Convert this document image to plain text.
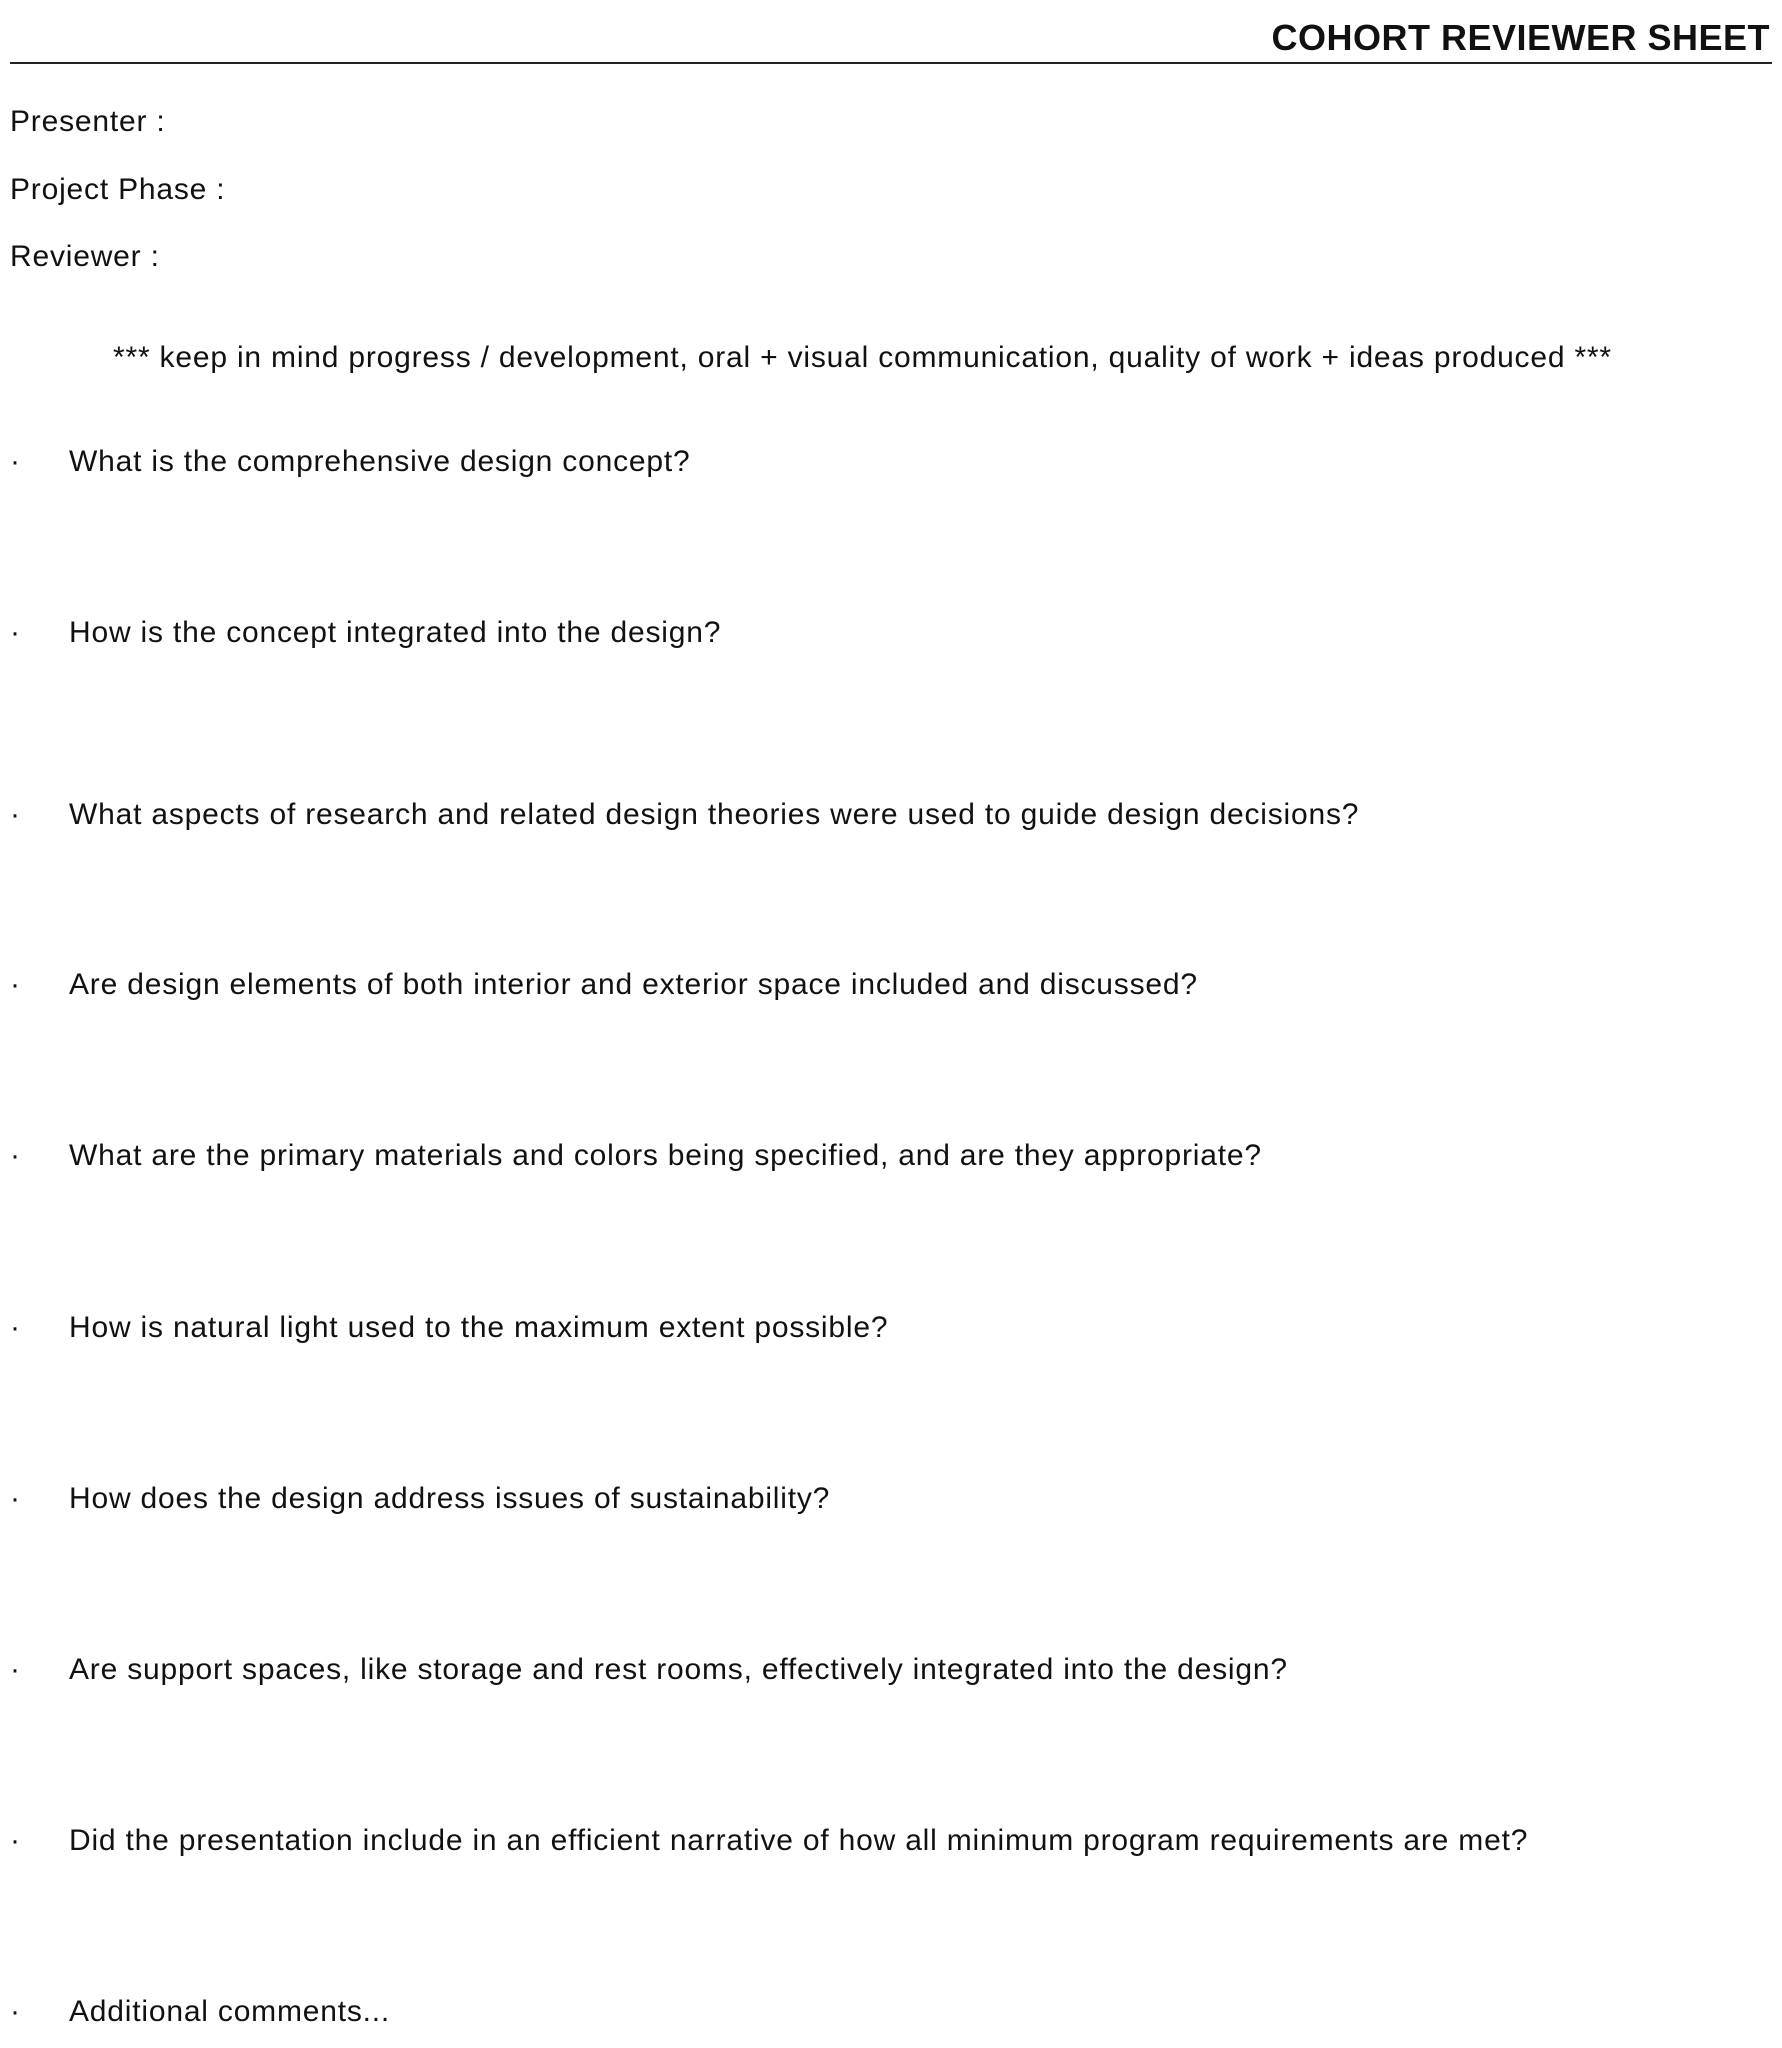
COHORT REVIEWER SHEET
Presenter :
Project Phase :
Reviewer :
*** keep in mind progress / development, oral + visual communication, quality of work + ideas produced ***
· What is the comprehensive design concept?
· How is the concept integrated into the design?
· What aspects of research and related design theories were used to guide design decisions?
· Are design elements of both interior and exterior space included and discussed?
· What are the primary materials and colors being specified, and are they appropriate?
· How is natural light used to the maximum extent possible?
· How does the design address issues of sustainability?
· Are support spaces, like storage and rest rooms, effectively integrated into the design?
· Did the presentation include in an efficient narrative of how all minimum program requirements are met?
· Additional comments...
